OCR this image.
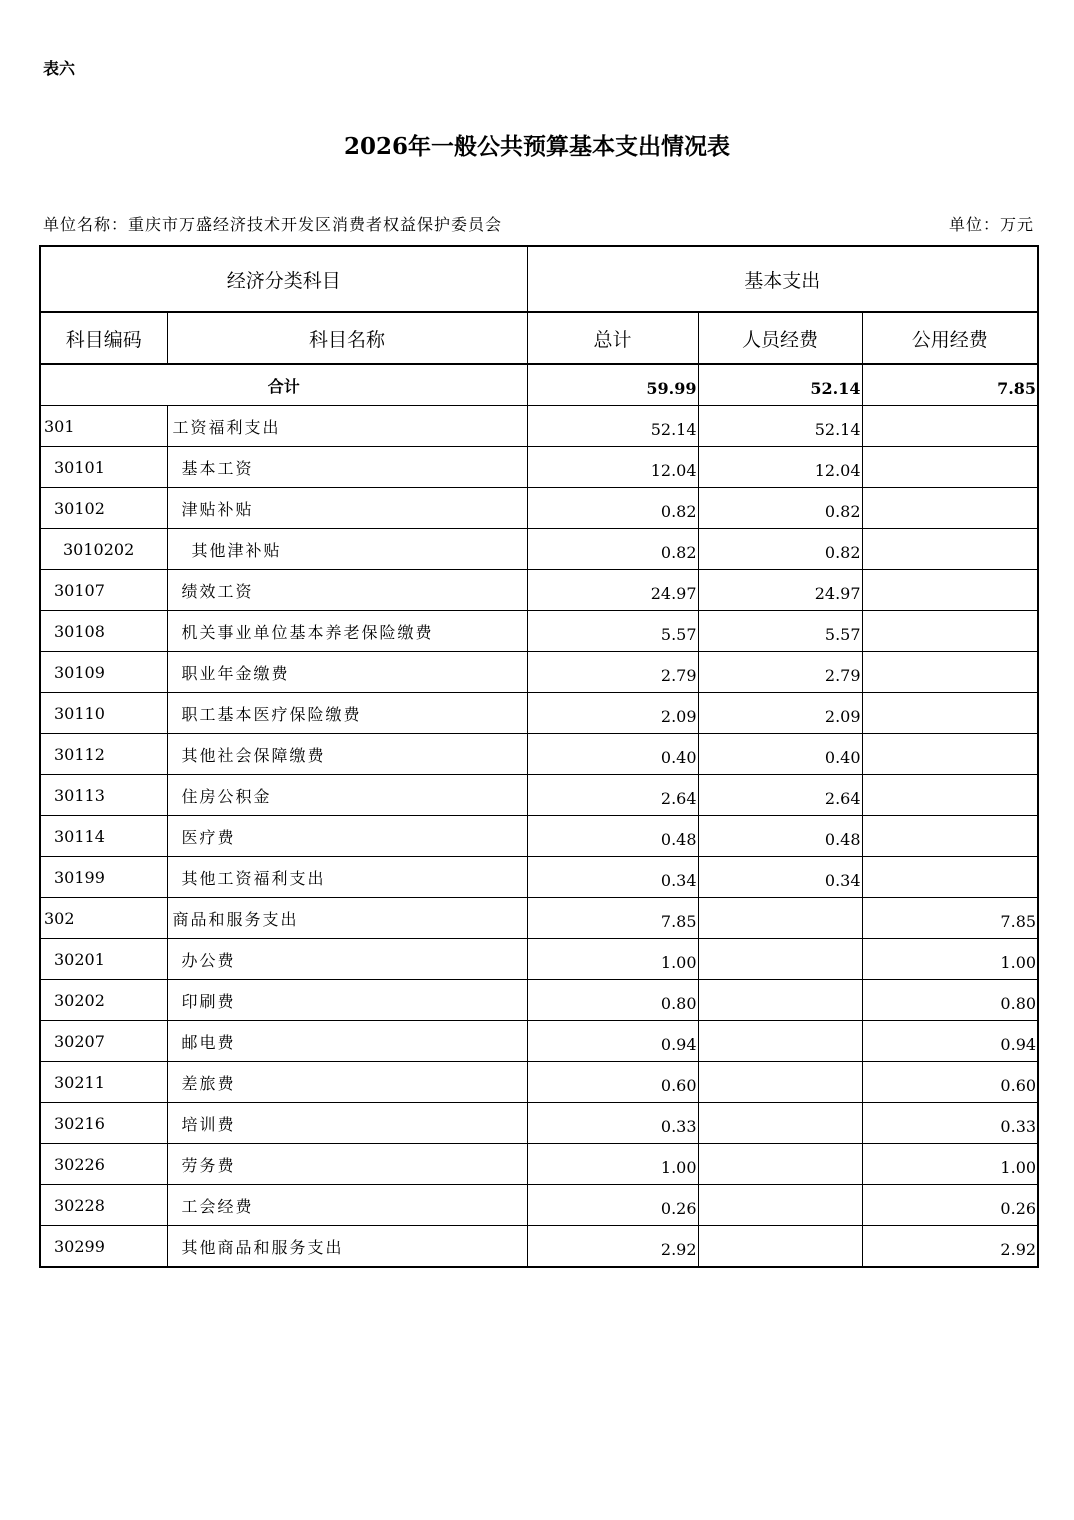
表六
2026年一般公共预算基本支出情况表
单位名称：重庆市万盛经济技术开发区消费者权益保护委员会	单位：万元
经济分类科目		基本支出		
科目编码	科目名称	总计	人员经费	公用经费
合计		59.99	52.14	7.85
301	工资福利支出	52.14	52.14	
30101	基本工资	12.04	12.04	
30102	津贴补贴	0.82	0.82	
3010202	其他津补贴	0.82	0.82	
30107	绩效工资	24.97	24.97	
30108	机关事业单位基本养老保险缴费	5.57	5.57	
30109	职业年金缴费	2.79	2.79	
30110	职工基本医疗保险缴费	2.09	2.09	
30112	其他社会保障缴费	0.40	0.40	
30113	住房公积金	2.64	2.64	
30114	医疗费	0.48	0.48	
30199	其他工资福利支出	0.34	0.34	
302	商品和服务支出	7.85		7.85
30201	办公费	1.00		1.00
30202	印刷费	0.80		0.80
30207	邮电费	0.94		0.94
30211	差旅费	0.60		0.60
30216	培训费	0.33		0.33
30226	劳务费	1.00		1.00
30228	工会经费	0.26		0.26
30299	其他商品和服务支出	2.92		2.92
